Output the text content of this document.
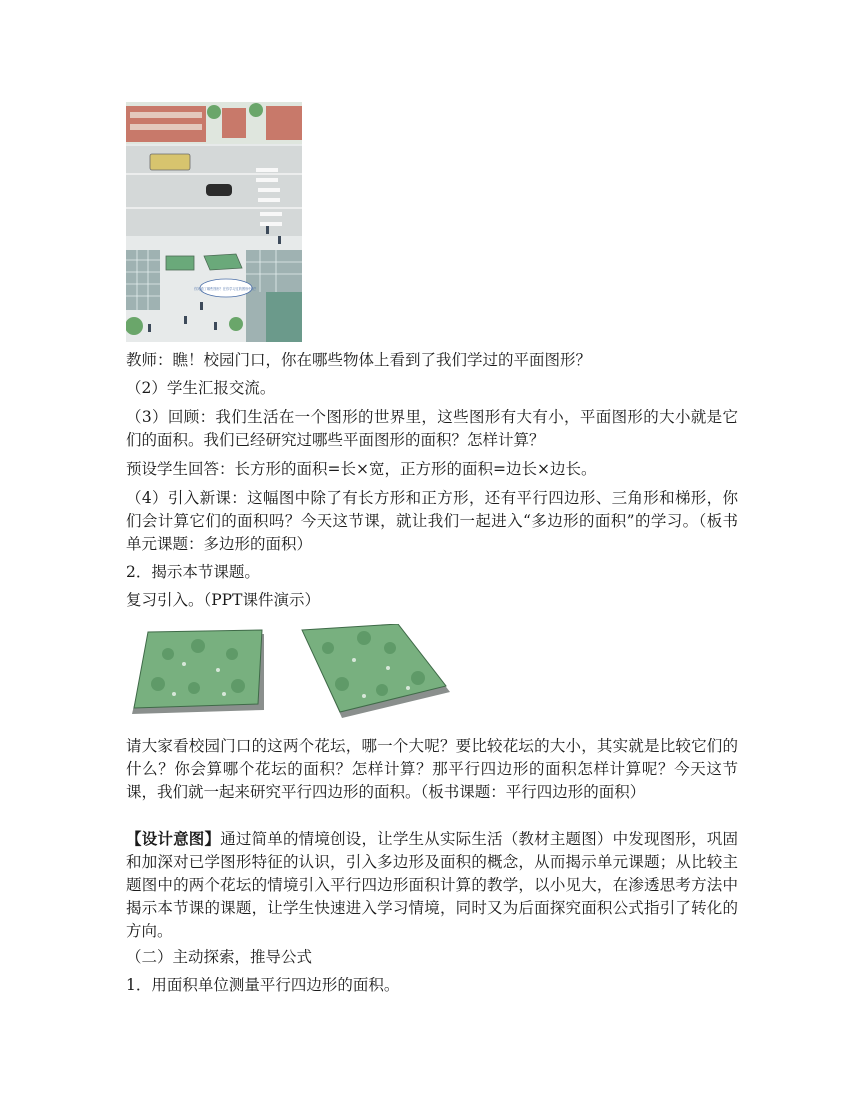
你知道了哪些图形？在你学习过的图形中呢？

教师：瞧！校园门口，你在哪些物体上看到了我们学过的平面图形？

（2）学生汇报交流。

（3）回顾：我们生活在一个图形的世界里，这些图形有大有小，平面图形的大小就是它们的面积。我们已经研究过哪些平面图形的面积？怎样计算？

预设学生回答：长方形的面积=长×宽，正方形的面积=边长×边长。

（4）引入新课：这幅图中除了有长方形和正方形，还有平行四边形、三角形和梯形，你们会计算它们的面积吗？今天这节课，就让我们一起进入“多边形的面积”的学习。（板书单元课题：多边形的面积）

2．揭示本节课题。

复习引入。（PPT课件演示）

请大家看校园门口的这两个花坛，哪一个大呢？要比较花坛的大小，其实就是比较它们的什么？你会算哪个花坛的面积？怎样计算？那平行四边形的面积怎样计算呢？今天这节课，我们就一起来研究平行四边形的面积。（板书课题：平行四边形的面积）

【设计意图】通过简单的情境创设，让学生从实际生活（教材主题图）中发现图形，巩固和加深对已学图形特征的认识，引入多边形及面积的概念，从而揭示单元课题；从比较主题图中的两个花坛的情境引入平行四边形面积计算的教学，以小见大，在渗透思考方法中揭示本节课的课题，让学生快速进入学习情境，同时又为后面探究面积公式指引了转化的方向。

（二）主动探索，推导公式

1．用面积单位测量平行四边形的面积。
